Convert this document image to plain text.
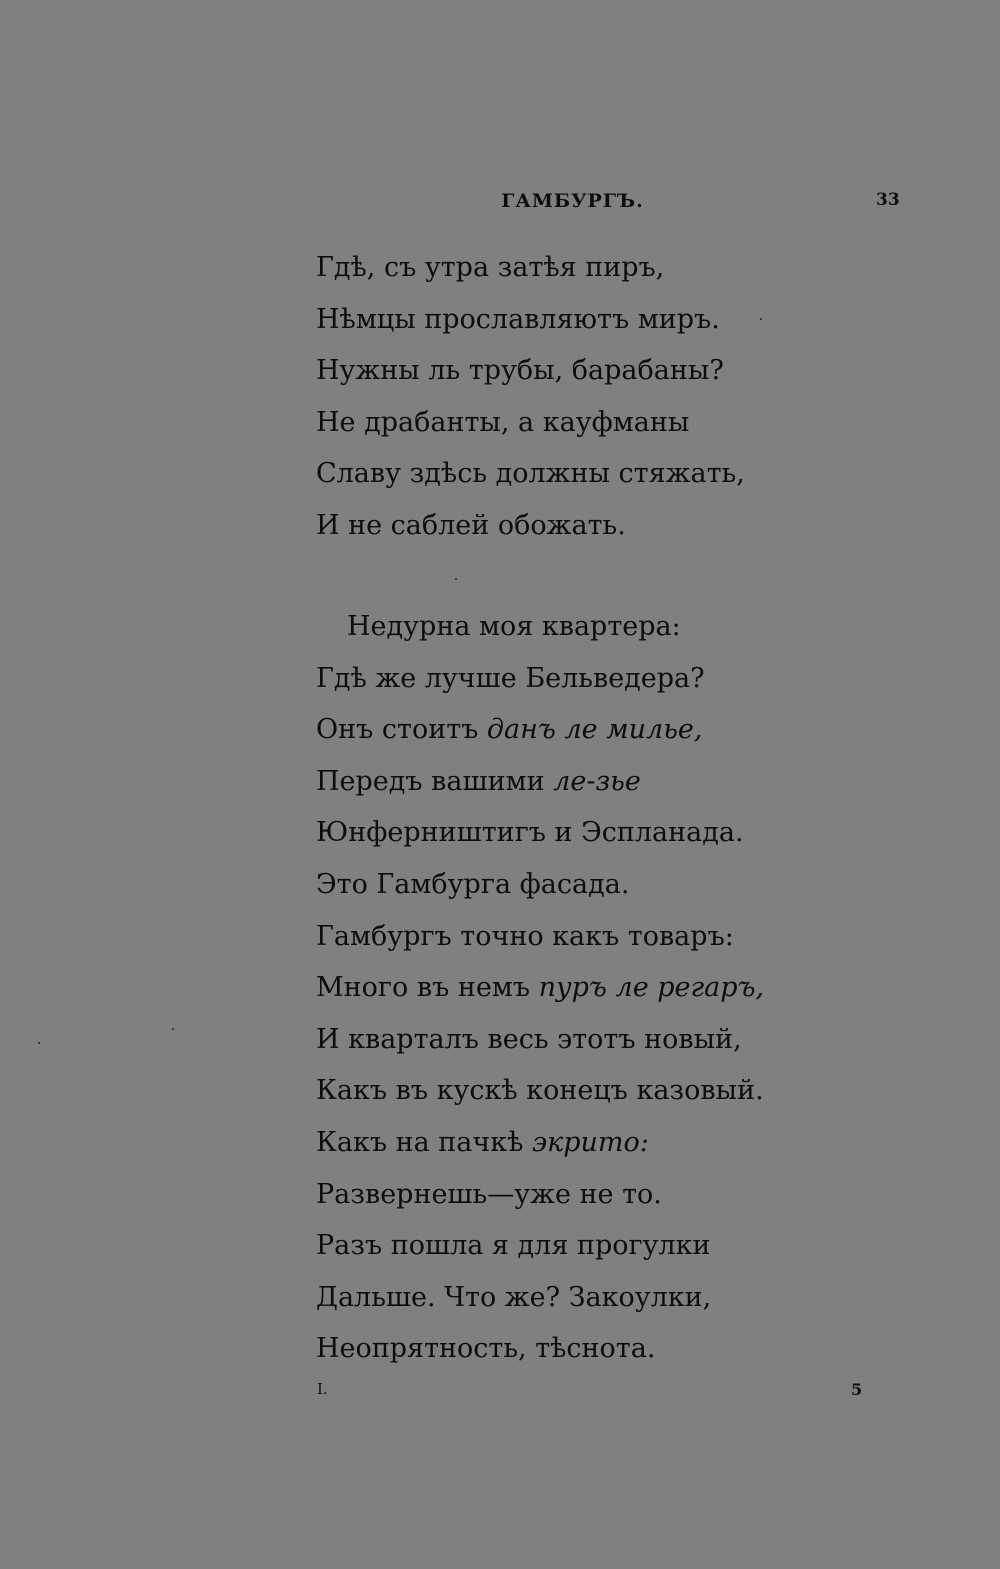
ГАМБУРГЪ.	33
Гдѣ, съ утра затѣя пиръ,
Нѣмцы прославляютъ миръ.
Нужны ль трубы, барабаны?
Не драбанты, а кауфманы
Славу здѣсь должны стяжать,
И не саблей обожать.
Недурна моя квартера:
Гдѣ же лучше Бельведера?
Онъ стоитъ данъ ле милье,
Передъ вашими ле-зье
Юнферништигъ и Эспланада.
Это Гамбурга фасада.
Гамбургъ точно какъ товаръ:
Много въ немъ пуръ ле регаръ,
И кварталъ весь этотъ новый,
Какъ въ кускѣ конецъ казовый.
Какъ на пачкѣ экрито:
Развернешь—уже не то.
Разъ пошла я для прогулки
Дальше. Что же? Закоулки,
Неопрятность, тѣснота.
I.	5
